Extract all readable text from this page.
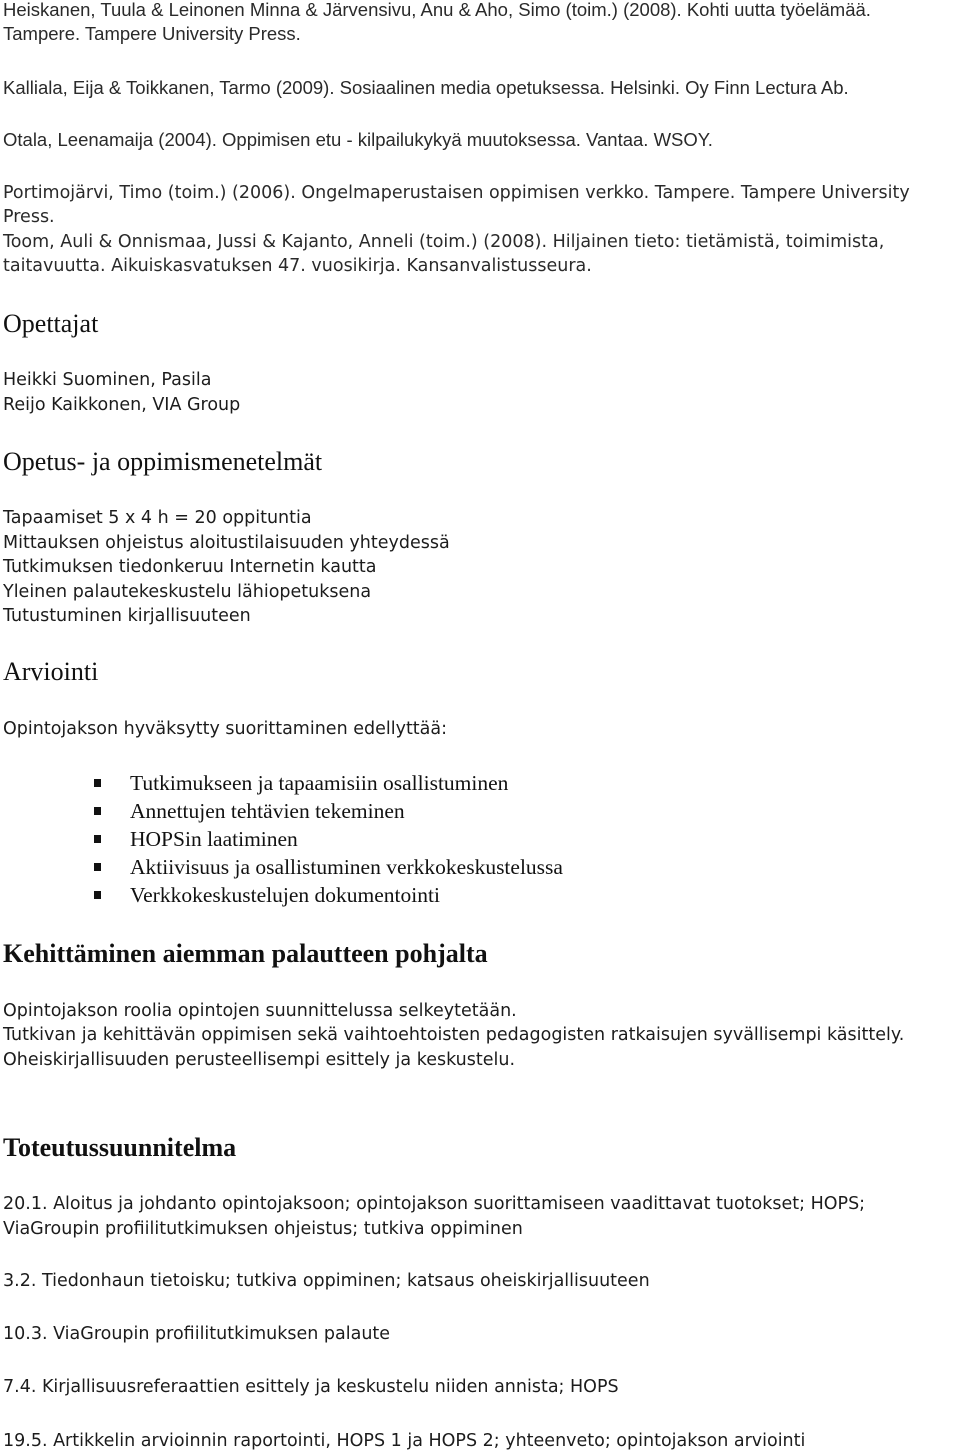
Heiskanen, Tuula & Leinonen Minna & Järvensivu, Anu & Aho, Simo (toim.) (2008). Kohti uutta työelämää. Tampere. Tampere University Press.

Kalliala, Eija & Toikkanen, Tarmo (2009). Sosiaalinen media opetuksessa. Helsinki. Oy Finn Lectura Ab.

Otala, Leenamaija (2004). Oppimisen etu - kilpailukykyä muutoksessa. Vantaa. WSOY.

Portimojärvi, Timo (toim.) (2006). Ongelmaperustaisen oppimisen verkko. Tampere. Tampere University Press.

Toom, Auli & Onnismaa, Jussi & Kajanto, Anneli (toim.) (2008). Hiljainen tieto: tietämistä, toimimista, taitavuutta. Aikuiskasvatuksen 47. vuosikirja. Kansanvalistusseura.

Opettajat

Heikki Suominen, Pasila

Reijo Kaikkonen, VIA Group

Opetus- ja oppimismenetelmät

Tapaamiset 5 x 4 h = 20 oppituntia

Mittauksen ohjeistus aloitustilaisuuden yhteydessä

Tutkimuksen tiedonkeruu Internetin kautta

Yleinen palautekeskustelu lähiopetuksena

Tutustuminen kirjallisuuteen

Arviointi

Opintojakson hyväksytty suorittaminen edellyttää:

Tutkimukseen ja tapaamisiin osallistuminen
Annettujen tehtävien tekeminen
HOPSin laatiminen
Aktiivisuus ja osallistuminen verkkokeskustelussa
Verkkokeskustelujen dokumentointi
Kehittäminen aiemman palautteen pohjalta

Opintojakson roolia opintojen suunnittelussa selkeytetään.

Tutkivan ja kehittävän oppimisen sekä vaihtoehtoisten pedagogisten ratkaisujen syvällisempi käsittely.

Oheiskirjallisuuden perusteellisempi esittely ja keskustelu.

Toteutussuunnitelma

20.1. Aloitus ja johdanto opintojaksoon; opintojakson suorittamiseen vaadittavat tuotokset; HOPS; ViaGroupin profiilitutkimuksen ohjeistus; tutkiva oppiminen

3.2. Tiedonhaun tietoisku; tutkiva oppiminen; katsaus oheiskirjallisuuteen

10.3. ViaGroupin profiilitutkimuksen palaute

7.4. Kirjallisuusreferaattien esittely ja keskustelu niiden annista; HOPS

19.5. Artikkelin arvioinnin raportointi, HOPS 1 ja HOPS 2; yhteenveto; opintojakson arviointi
